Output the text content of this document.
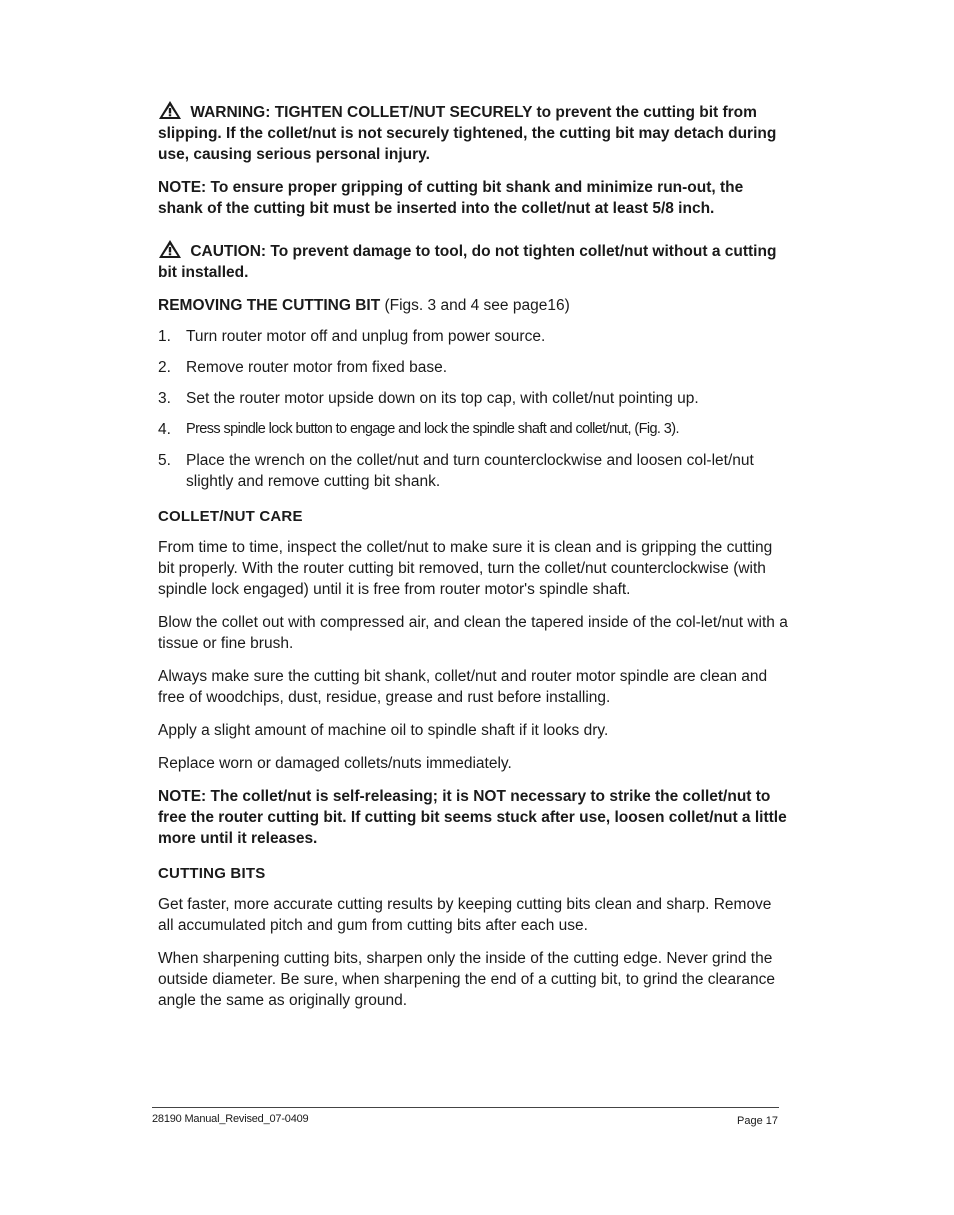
WARNING: TIGHTEN COLLET/NUT SECURELY to prevent the cutting bit from slipping. If the collet/nut is not securely tightened, the cutting bit may detach during use, causing serious personal injury.

NOTE: To ensure proper gripping of cutting bit shank and minimize run-out, the shank of the cutting bit must be inserted into the collet/nut at least 5/8 inch.

CAUTION: To prevent damage to tool, do not tighten collet/nut without a cutting bit installed.

REMOVING THE CUTTING BIT (Figs. 3 and 4 see page16)
1. Turn router motor off and unplug from power source.
2. Remove router motor from fixed base.
3. Set the router motor upside down on its top cap, with collet/nut pointing up.
4.	Press spindle lock button to engage and lock the spindle shaft and collet/nut, (Fig. 3).
5. Place the wrench on the collet/nut and turn counterclockwise and loosen col-let/nut slightly and remove cutting bit shank.
COLLET/NUT CARE

From time to time, inspect the collet/nut to make sure it is clean and is gripping the cutting bit properly. With the router cutting bit removed, turn the collet/nut counterclockwise (with spindle lock engaged) until it is free from router motor's spindle shaft.

Blow the collet out with compressed air, and clean the tapered inside of the col-let/nut with a tissue or fine brush.

Always make sure the cutting bit shank, collet/nut and router motor spindle are clean and free of woodchips, dust, residue, grease and rust before installing.

Apply a slight amount of machine oil to spindle shaft if it looks dry.

Replace worn or damaged collets/nuts immediately.

NOTE: The collet/nut is self-releasing; it is NOT necessary to strike the collet/nut to free the router cutting bit. If cutting bit seems stuck after use, loosen collet/nut a little more until it releases.

CUTTING BITS

Get faster, more accurate cutting results by keeping cutting bits clean and sharp. Remove all accumulated pitch and gum from cutting bits after each use.

When sharpening cutting bits, sharpen only the inside of the cutting edge. Never grind the outside diameter. Be sure, when sharpening the end of a cutting bit, to grind the clearance angle the same as originally ground.

28190 Manual_Revised_07-0409	Page 17
